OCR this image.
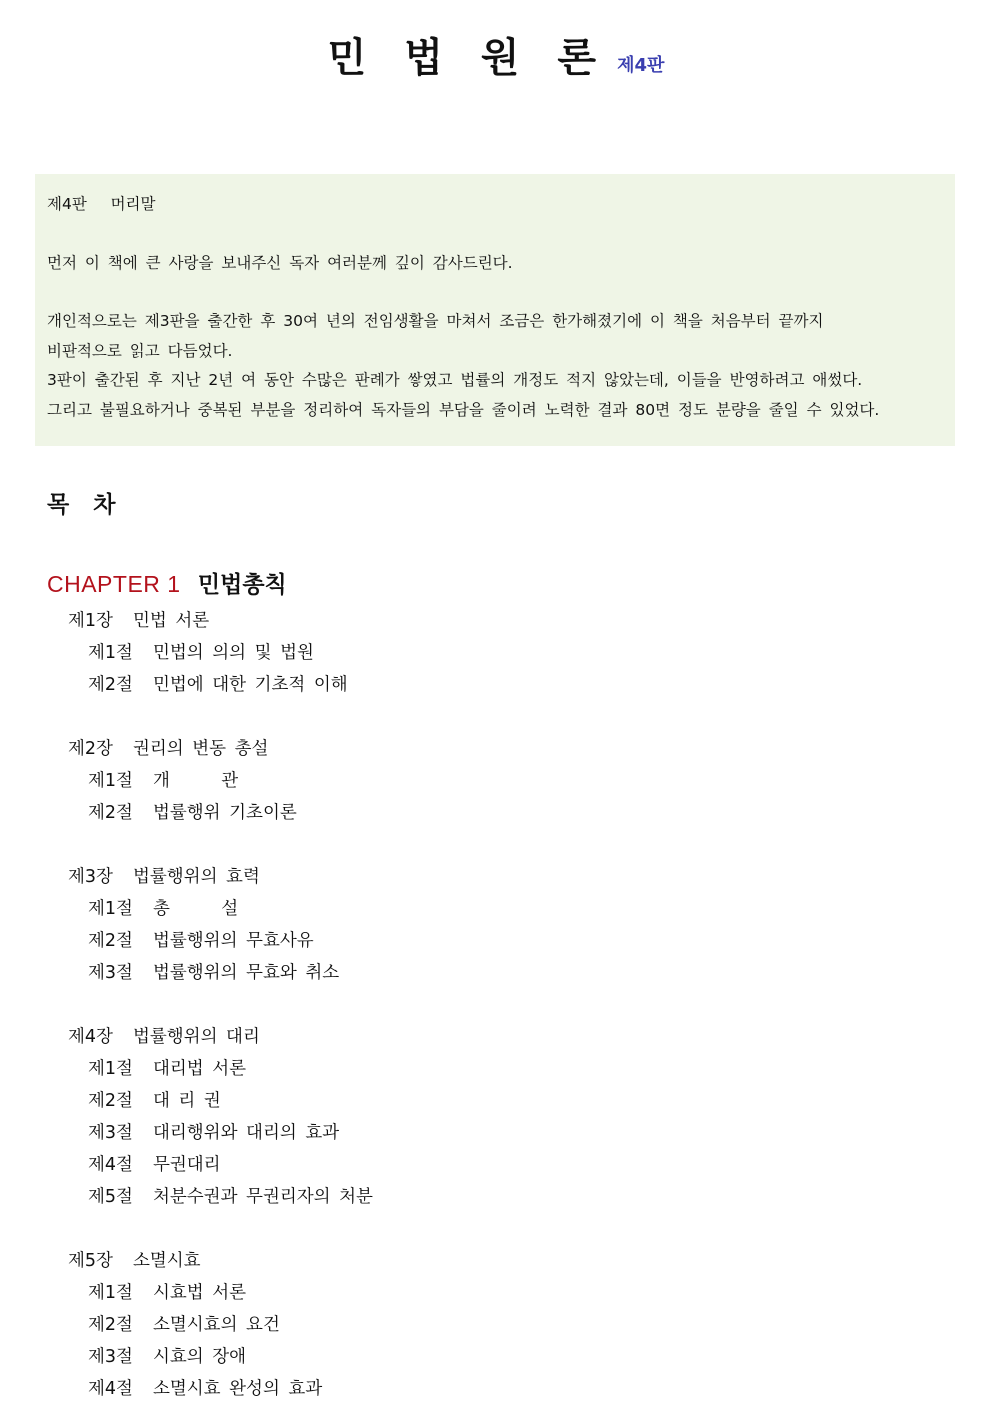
민 법 원 론 제4판

제4판   머리말

먼저 이 책에 큰 사랑을 보내주신 독자 여러분께 깊이 감사드린다.

개인적으로는 제3판을 출간한 후 30여 년의 전임생활을 마쳐서 조금은 한가해졌기에 이 책을 처음부터 끝까지

비판적으로 읽고 다듬었다.

3판이 출간된 후 지난 2년 여 동안 수많은 판례가 쌓였고 법률의 개정도 적지 않았는데, 이들을 반영하려고 애썼다.

그리고 불필요하거나 중복된 부분을 정리하여 독자들의 부담을 줄이려 노력한 결과 80면 정도 분량을 줄일 수 있었다.

목 차
CHAPTER 1 민법총칙
제1장 민법 서론
제1절 민법의 의의 및 법원
제2절 민법에 대한 기초적 이해
제2장 권리의 변동 총설
제1절 개      관
제2절 법률행위 기초이론
제3장 법률행위의 효력
제1절 총      설
제2절 법률행위의 무효사유
제3절 법률행위의 무효와 취소
제4장 법률행위의 대리
제1절 대리법 서론
제2절 대 리 권
제3절 대리행위와 대리의 효과
제4절 무권대리
제5절 처분수권과 무권리자의 처분
제5장 소멸시효
제1절 시효법 서론
제2절 소멸시효의 요건
제3절 시효의 장애
제4절 소멸시효 완성의 효과
